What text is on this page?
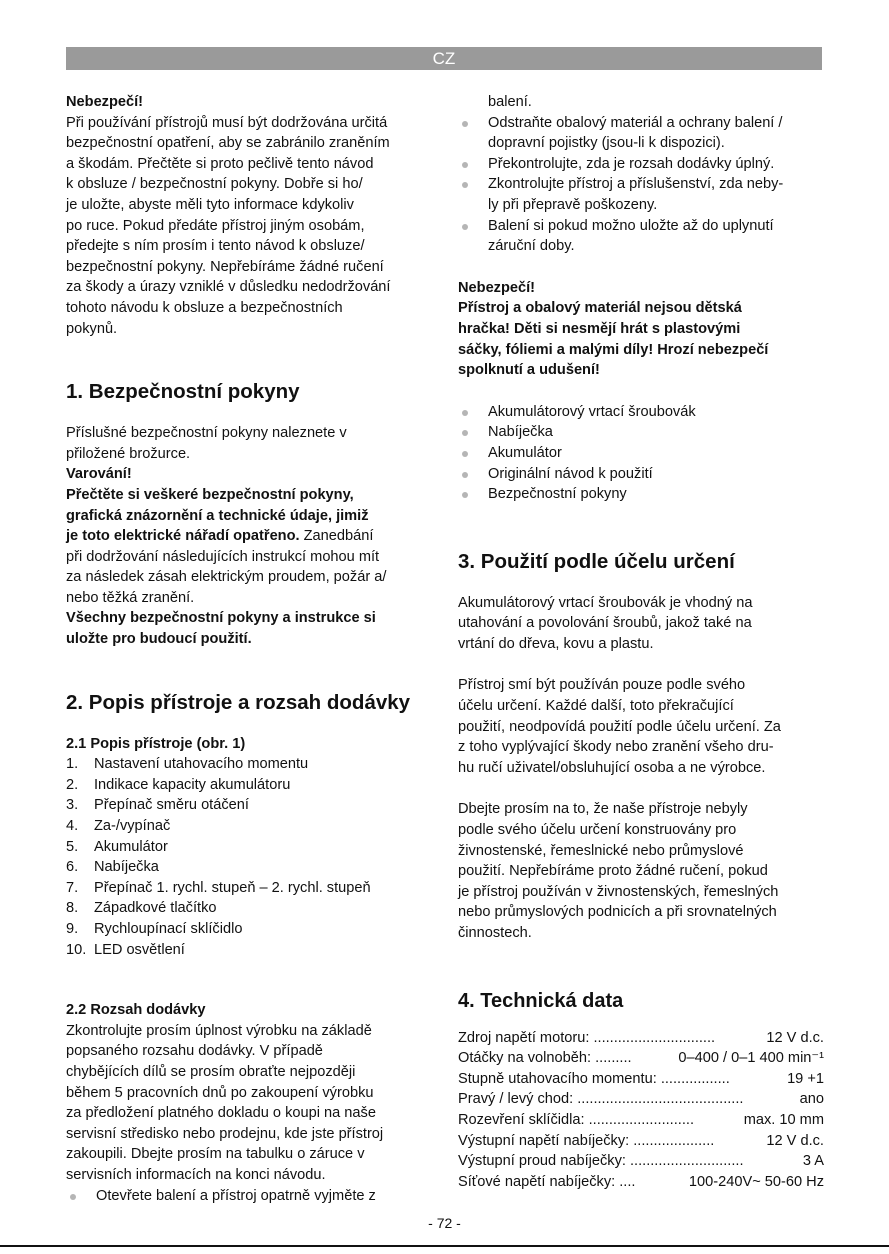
CZ

Nebezpečí!

Při používání přístrojů musí být dodržována určitá

bezpečnostní opatření, aby se zabránilo zraněním

a škodám. Přečtěte si proto pečlivě tento návod

k obsluze / bezpečnostní pokyny. Dobře si ho/

je uložte, abyste měli tyto informace kdykoliv

po ruce. Pokud předáte přístroj jiným osobám,

předejte s ním prosím i tento návod k obsluze/

bezpečnostní pokyny. Nepřebíráme žádné ručení

za škody a úrazy vzniklé v důsledku nedodržování

tohoto návodu k obsluze a bezpečnostních

pokynů.

1. Bezpečnostní pokyny

Příslušné bezpečnostní pokyny naleznete v

přiložené brožurce.

Varování!

Přečtěte si veškeré bezpečnostní pokyny,

grafická znázornění a technické údaje, jimiž

je toto elektrické nářadí opatřeno. Zanedbání

při dodržování následujících instrukcí mohou mít

za následek zásah elektrickým proudem, požár a/

nebo těžká zranění.

Všechny bezpečnostní pokyny a instrukce si

uložte pro budoucí použití.

2. Popis přístroje a rozsah dodávky

2.1 Popis přístroje (obr. 1)

1. Nastavení utahovacího momentu
2. Indikace kapacity akumulátoru
3. Přepínač směru otáčení
4. Za-/vypínač
5. Akumulátor
6. Nabíječka
7. Přepínač 1. rychl. stupeň – 2. rychl. stupeň
8. Západkové tlačítko
9. Rychloupínací sklíčidlo
10. LED osvětlení

2.2 Rozsah dodávky

Zkontrolujte prosím úplnost výrobku na základě

popsaného rozsahu dodávky. V případě

chybějících dílů se prosím obraťte nejpozději

během 5 pracovních dnů po zakoupení výrobku

za předložení platného dokladu o koupi na naše

servisní středisko nebo prodejnu, kde jste přístroj

zakoupili. Dbejte prosím na tabulku o záruce v

servisních informacích na konci návodu.

Otevřete balení a přístroj opatrně vyjměte z

balení.

Odstraňte obalový materiál a ochrany balení /

dopravní pojistky (jsou-li k dispozici).

Překontrolujte, zda je rozsah dodávky úplný.

Zkontrolujte přístroj a příslušenství, zda neby-

ly při přepravě poškozeny.

Balení si pokud možno uložte až do uplynutí

záruční doby.

Nebezpečí!

Přístroj a obalový materiál nejsou dětská

hračka! Děti si nesmějí hrát s plastovými

sáčky, fóliemi a malými díly! Hrozí nebezpečí

spolknutí a udušení!

Akumulátorový vrtací šroubovák
Nabíječka
Akumulátor
Originální návod k použití
Bezpečnostní pokyny

3. Použití podle účelu určení

Akumulátorový vrtací šroubovák je vhodný na

utahování a povolování šroubů, jakož také na

vrtání do dřeva, kovu a plastu.

Přístroj smí být používán pouze podle svého

účelu určení. Každé další, toto překračující

použití, neodpovídá použití podle účelu určení. Za

z toho vyplývající škody nebo zranění všeho dru-

hu ručí uživatel/obsluhující osoba a ne výrobce.

Dbejte prosím na to, že naše přístroje nebyly

podle svého účelu určení konstruovány pro

živnostenské, řemeslnické nebo průmyslové

použití. Nepřebíráme proto žádné ručení, pokud

je přístroj používán v živnostenských, řemeslných

nebo průmyslových podnicích a při srovnatelných

činnostech.

4. Technická data

Zdroj napětí motoru: ..............................	12 V d.c.
Otáčky na volnoběh: .........	0–400 / 0–1 400 min⁻¹
Stupně utahovacího momentu: .................	19 +1
Pravý / levý chod: .........................................	ano
Rozevření sklíčidla: ..........................	max. 10 mm
Výstupní napětí nabíječky: ....................	12 V d.c.
Výstupní proud nabíječky: ............................	3 A
Síťové napětí nabíječky: ....	100-240V~ 50-60 Hz
- 72 -
